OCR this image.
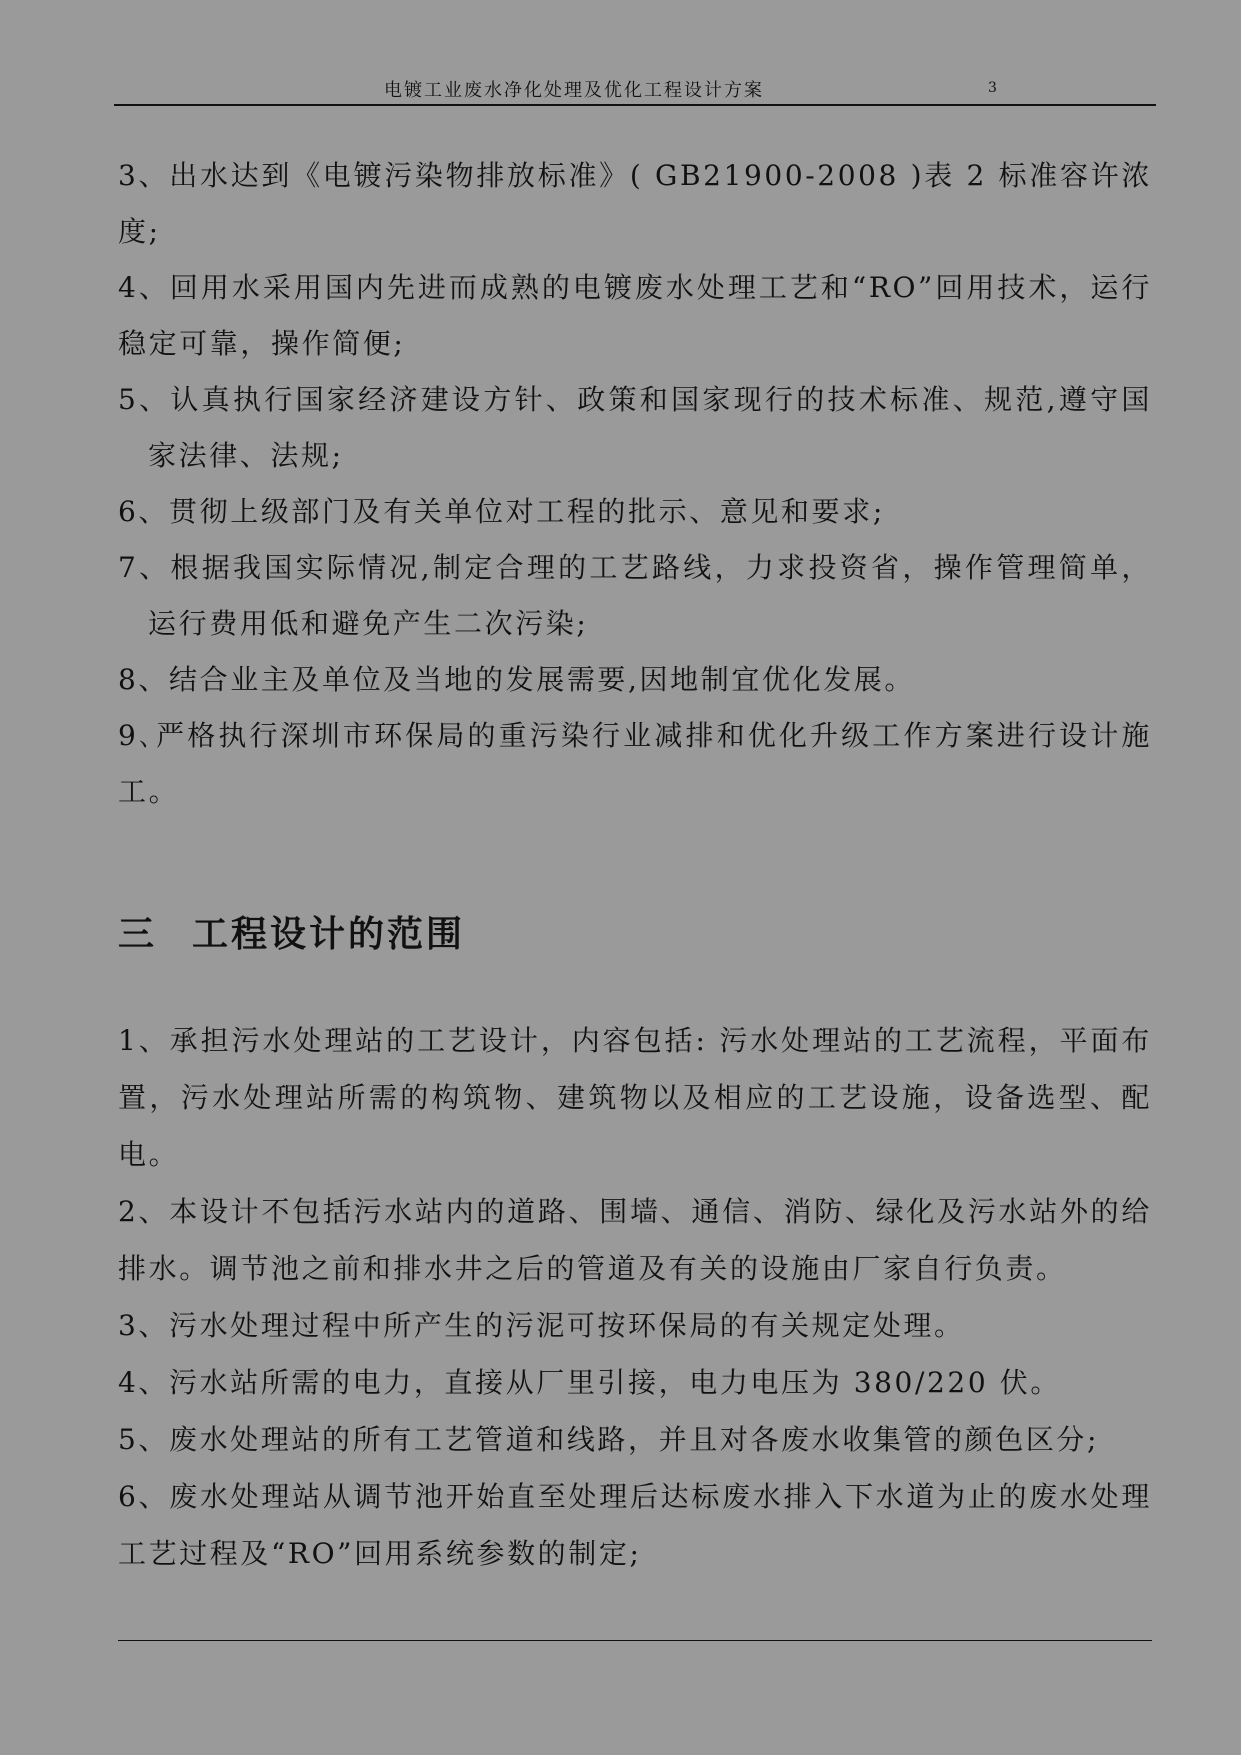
电镀工业废水净化处理及优化工程设计方案	3

3、出水达到《电镀污染物排放标准》( GB21900-2008 )表 2 标准容许浓度;

4、回用水采用国内先进而成熟的电镀废水处理工艺和“RO”回用技术，运行稳定可靠，操作简便;

5、认真执行国家经济建设方针、政策和国家现行的技术标准、规范,遵守国家法律、法规;

6、贯彻上级部门及有关单位对工程的批示、意见和要求;

7、根据我国实际情况,制定合理的工艺路线，力求投资省，操作管理简单，运行费用低和避免产生二次污染;

8、结合业主及单位及当地的发展需要,因地制宜优化发展。

9､严格执行深圳市环保局的重污染行业减排和优化升级工作方案进行设计施工。

三 工程设计的范围

1、承担污水处理站的工艺设计，内容包括: 污水处理站的工艺流程，平面布置，污水处理站所需的构筑物、建筑物以及相应的工艺设施，设备选型、配电。

2、本设计不包括污水站内的道路、围墙、通信、消防、绿化及污水站外的给排水。调节池之前和排水井之后的管道及有关的设施由厂家自行负责。

3、污水处理过程中所产生的污泥可按环保局的有关规定处理。

4、污水站所需的电力，直接从厂里引接，电力电压为 380/220 伏。

5、废水处理站的所有工艺管道和线路，并且对各废水收集管的颜色区分;

6、废水处理站从调节池开始直至处理后达标废水排入下水道为止的废水处理工艺过程及“RO”回用系统参数的制定;
